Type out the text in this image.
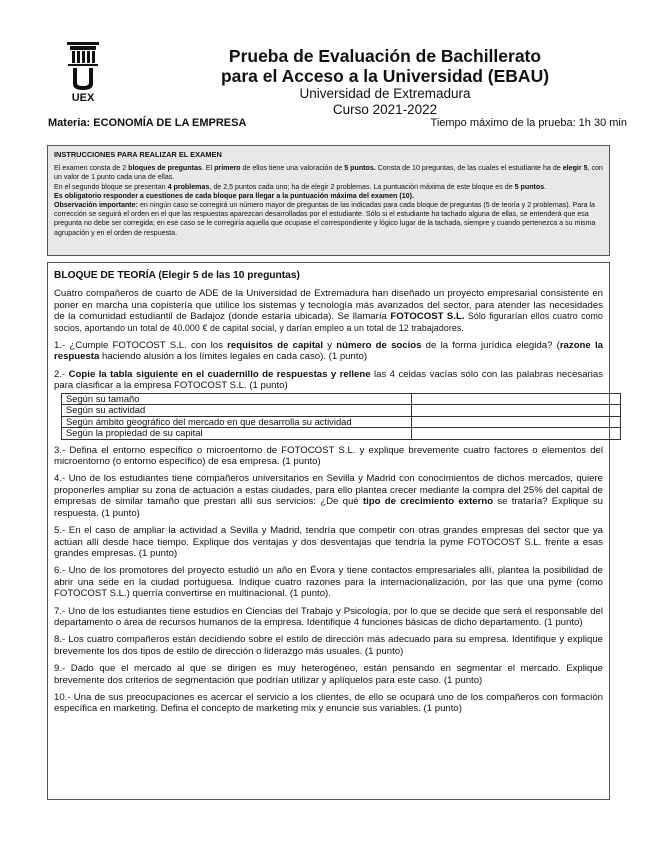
UEX
Prueba de Evaluación de Bachillerato
para el Acceso a la Universidad (EBAU)
Universidad de Extremadura
Curso 2021-2022
Materia: ECONOMÍA DE LA EMPRESA	Tiempo máximo de la prueba: 1h 30 min
INSTRUCCIONES PARA REALIZAR EL EXAMEN

El examen consta de 2 bloques de preguntas. El primero de ellos tiene una valoración de 5 puntos. Consta de 10 preguntas, de las cuales el estudiante ha de elegir 5, con un valor de 1 punto cada una de ellas.

En el segundo bloque se presentan 4 problemas, de 2,5 puntos cada uno; ha de elegir 2 problemas. La puntuación máxima de este bloque es de 5 puntos.

Es obligatorio responder a cuestiones de cada bloque para llegar a la puntuación máxima del examen (10).

Observación importante: en ningún caso se corregirá un número mayor de preguntas de las indicadas para cada bloque de preguntas (5 de teoría y 2 problemas). Para la corrección se seguirá el orden en el que las respuestas aparezcan desarrolladas por el estudiante. Sólo si el estudiante ha tachado alguna de ellas, se entenderá que esa pregunta no debe ser corregida; en ese caso se le corregiría aquella que ocupase el correspondiente y lógico lugar de la tachada, siempre y cuando pertenezca a su misma agrupación y en el orden de respuesta.

BLOQUE DE TEORÍA (Elegir 5 de las 10 preguntas)

Cuatro compañeros de cuarto de ADE de la Universidad de Extremadura han diseñado un proyecto empresarial consistente en poner en marcha una copistería que utilice los sistemas y tecnología más avanzados del sector, para atender las necesidades de la comunidad estudiantil de Badajoz (donde estaría ubicada). Se llamaría FOTOCOST S.L. Sólo figurarían ellos cuatro como socios, aportando un total de 40.000 € de capital social, y darían empleo a un total de 12 trabajadores.

1.- ¿Cumple FOTOCOST S.L. con los requisitos de capital y número de socios de la forma jurídica elegida? (razone la respuesta haciendo alusión a los límites legales en cada caso). (1 punto)

2.- Copie la tabla siguiente en el cuadernillo de respuestas y rellene las 4 celdas vacías sólo con las palabras necesarias para clasificar a la empresa FOTOCOST S.L. (1 punto)

Según su tamaño	
Según su actividad	
Según ámbito geográfico del mercado en que desarrolla su actividad	
Según la propiedad de su capital	

3.- Defina el entorno específico o microentorno de FOTOCOST S.L. y explique brevemente cuatro factores o elementos del microentorno (o entorno específico) de esa empresa. (1 punto)

4.- Uno de los estudiantes tiene compañeros universitarios en Sevilla y Madrid con conocimientos de dichos mercados, quiere proponerles ampliar su zona de actuación a estas ciudades, para ello plantea crecer mediante la compra del 25% del capital de empresas de similar tamaño que prestan allí sus servicios: ¿De qué tipo de crecimiento externo se trataría? Explique su respuesta. (1 punto)

5.- En el caso de ampliar la actividad a Sevilla y Madrid, tendría que competir con otras grandes empresas del sector que ya actúan allí desde hace tiempo. Explique dos ventajas y dos desventajas que tendría la pyme FOTOCOST S.L. frente a esas grandes empresas. (1 punto)

6.- Uno de los promotores del proyecto estudió un año en Évora y tiene contactos empresariales allí, plantea la posibilidad de abrir una sede en la ciudad portuguesa. Indique cuatro razones para la internacionalización, por las que una pyme (como FOTOCOST S.L.) querría convertirse en multinacional. (1 punto).

7.- Uno de los estudiantes tiene estudios en Ciencias del Trabajo y Psicología, por lo que se decide que será el responsable del departamento o área de recursos humanos de la empresa. Identifique 4 funciones básicas de dicho departamento. (1 punto)

8.- Los cuatro compañeros están decidiendo sobre el estilo de dirección más adecuado para su empresa. Identifique y explique brevemente los dos tipos de estilo de dirección o liderazgo más usuales. (1 punto)

9.- Dado que el mercado al que se dirigen es muy heterogéneo, están pensando en segmentar el mercado. Explique brevemente dos criterios de segmentación que podrían utilizar y aplíquelos para este caso. (1 punto)

10.- Una de sus preocupaciones es acercar el servicio a los clientes, de ello se ocupará uno de los compañeros con formación específica en marketing. Defina el concepto de marketing mix y enuncie sus variables. (1 punto)
